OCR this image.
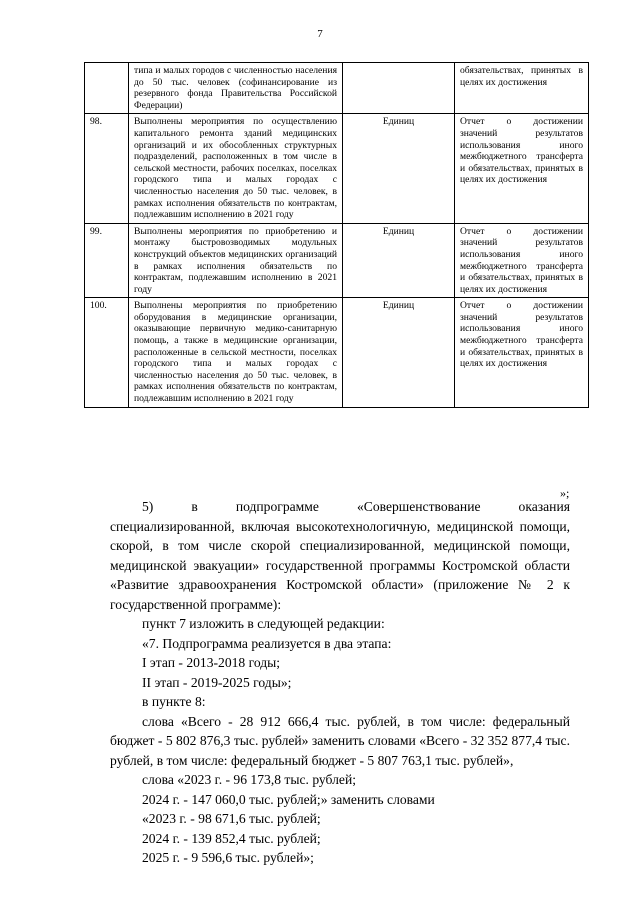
7
	типа и малых городов с численностью населения до 50 тыс. человек (софинансирование из резервного фонда Правительства Российской Федерации)		обязательствах, принятых в целях их достижения
98.	Выполнены мероприятия по осуществлению капитального ремонта зданий медицинских организаций и их обособленных структурных подразделений, расположенных в том числе в сельской местности, рабочих поселках, поселках городского типа и малых городах с численностью населения до 50 тыс. человек, в рамках исполнения обязательств по контрактам, подлежавшим исполнению в 2021 году	Единиц	Отчет о достижении значений результатов использования иного межбюджетного трансферта и обязательствах, принятых в целях их достижения
99.	Выполнены мероприятия по приобретению и монтажу быстровозводимых модульных конструкций объектов медицинских организаций в рамках исполнения обязательств по контрактам, подлежавшим исполнению в 2021 году	Единиц	Отчет о достижении значений результатов использования иного межбюджетного трансферта и обязательствах, принятых в целях их достижения
100.	Выполнены мероприятия по приобретению оборудования в медицинские организации, оказывающие первичную медико-санитарную помощь, а также в медицинские организации, расположенные в сельской местности, поселках городского типа и малых городах с численностью населения до 50 тыс. человек, в рамках исполнения обязательств по контрактам, подлежавшим исполнению в 2021 году	Единиц	Отчет о достижении значений результатов использования иного межбюджетного трансферта и обязательствах, принятых в целях их достижения
»;

5)  в  подпрограмме  «Совершенствование  оказания

специализированной, включая высокотехнологичную, медицинской помощи, скорой, в том числе скорой специализированной, медицинской помощи, медицинской эвакуации» государственной программы Костромской области «Развитие здравоохранения Костромской области» (приложение № 2 к государственной программе):

пункт 7 изложить в следующей редакции:

«7. Подпрограмма реализуется в два этапа:

I этап - 2013-2018 годы;

II этап - 2019-2025 годы»;

в пункте 8:

слова «Всего - 28 912 666,4 тыс. рублей, в том числе: федеральный

бюджет - 5 802 876,3 тыс. рублей» заменить словами «Всего - 32 352 877,4 тыс. рублей, в том числе: федеральный бюджет - 5 807 763,1 тыс. рублей»,

слова «2023 г. - 96 173,8 тыс. рублей;

2024 г. - 147 060,0 тыс. рублей;» заменить словами

«2023 г. - 98 671,6 тыс. рублей;

2024 г. - 139 852,4 тыс. рублей;

2025 г. - 9 596,6 тыс. рублей»;
